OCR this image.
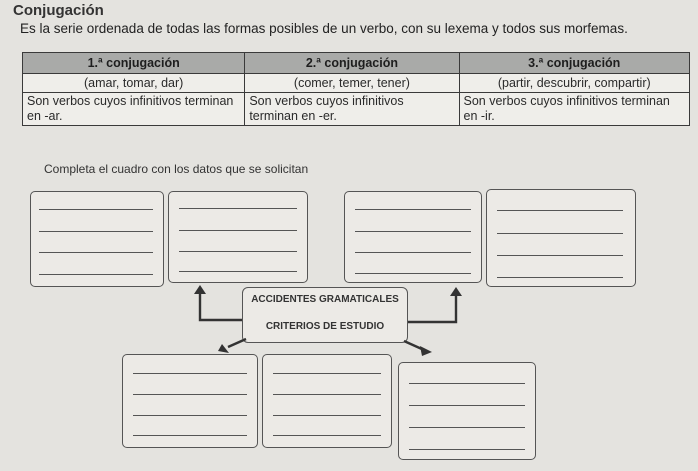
Conjugación
Es la serie ordenada de todas las formas posibles de un verbo, con su lexema y todos sus morfemas.
1.ª conjugación	2.ª conjugación	3.ª conjugación
(amar, tomar, dar)	(comer, temer, tener)	(partir, descubrir, compartir)
Son verbos cuyos infinitivos terminan en -ar.	Son verbos cuyos infinitivos terminan en -er.	Son verbos cuyos infinitivos terminan en -ir.
Completa el cuadro con los datos que se solicitan
ACCIDENTES GRAMATICALES
CRITERIOS DE ESTUDIO
